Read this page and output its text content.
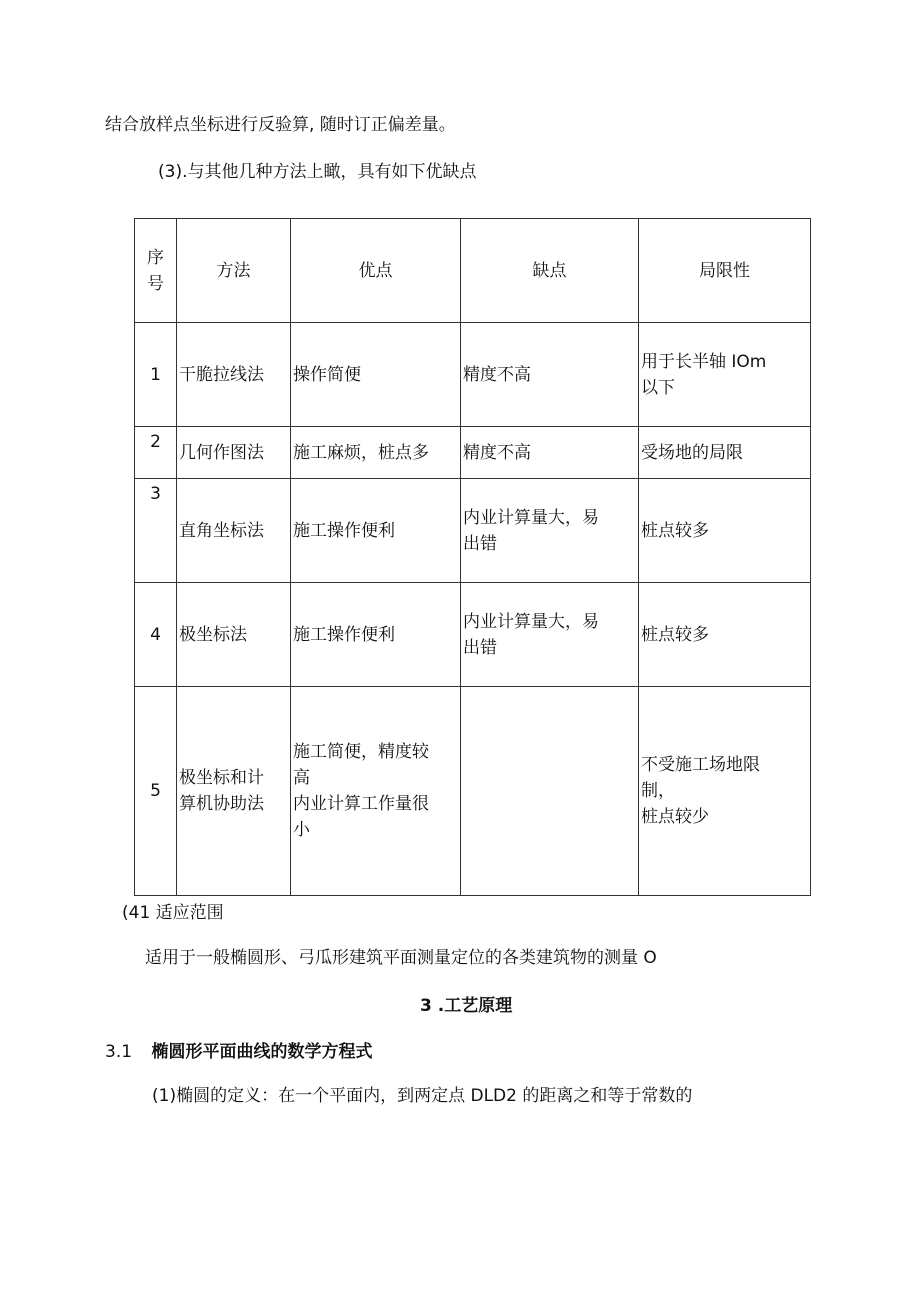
结合放样点坐标进行反验算, 随时订正偏差量。
(3).与其他几种方法上瞰，具有如下优缺点
序
号	方法	优点	缺点	局限性
1	干脆拉线法	操作简便	精度不高	用于长半轴 IOm
以下

2	几何作图法	施工麻烦，桩点多	精度不高	受场地的局限

3	直角坐标法	施工操作便利	内业计算量大，易
出错	桩点较多

4	极坐标法	施工操作便利	内业计算量大，易
出错	桩点较多

5	极坐标和计
算机协助法	施工简便，精度较
高
内业计算工作量很
小		不受施工场地限
制，
桩点较少
(41 适应范围
适用于一般椭圆形、弓瓜形建筑平面测量定位的各类建筑物的测量 O
3 .工艺原理
3.1 椭圆形平面曲线的数学方程式
(1)椭圆的定义：在一个平面内，到两定点 DLD2 的距离之和等于常数的
